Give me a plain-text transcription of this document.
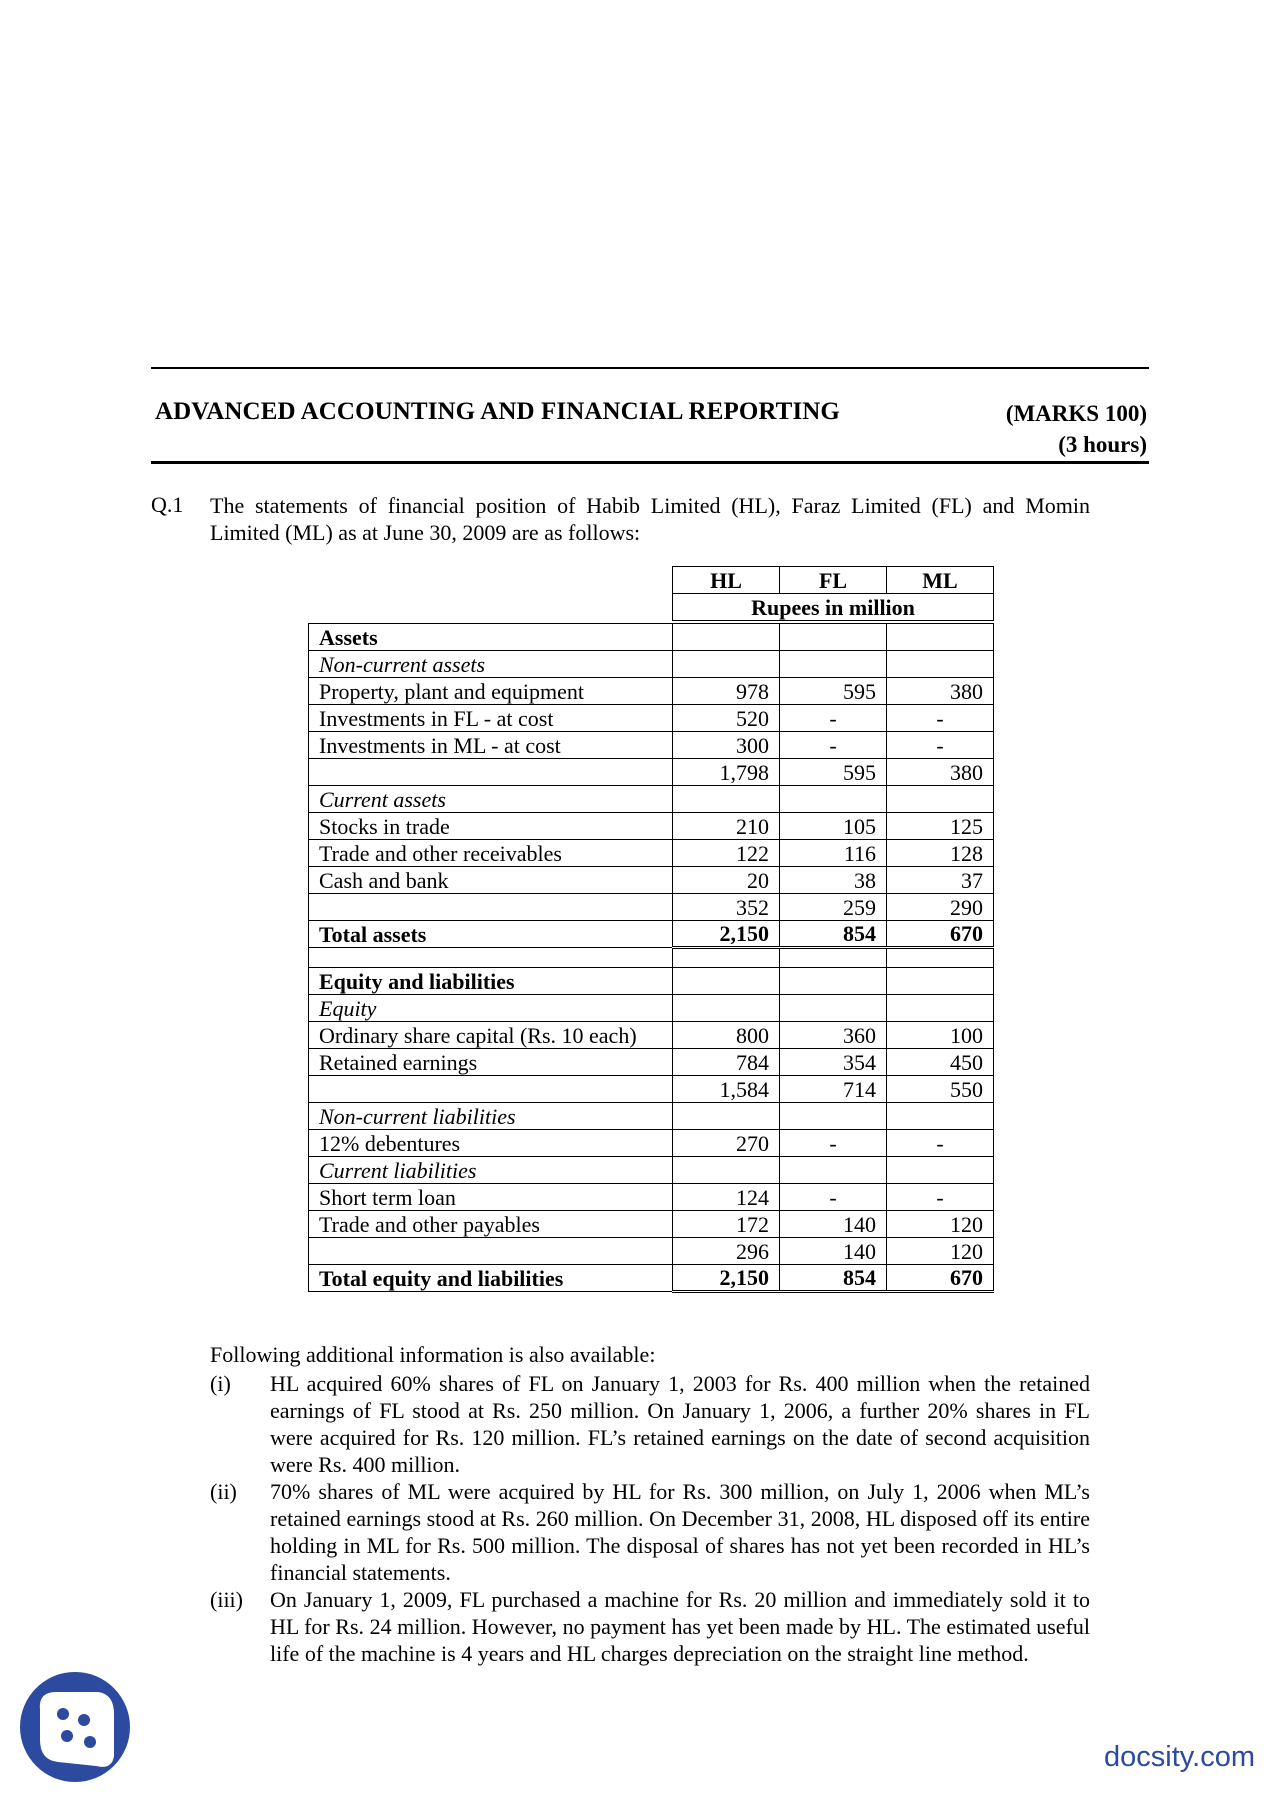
ADVANCED ACCOUNTING AND FINANCIAL REPORTING	(MARKS 100)
(3 hours)
Q.1 The statements of financial position of Habib Limited (HL), Faraz Limited (FL) and Momin Limited (ML) as at June 30, 2009 are as follows:
HL	FL	ML
Rupees in million
Assets			
Non-current assets			
Property, plant and equipment	978	595	380
Investments in FL - at cost	520	-	-
Investments in ML - at cost	300	-	-
	1,798	595	380
Current assets			
Stocks in trade	210	105	125
Trade and other receivables	122	116	128
Cash and bank	20	38	37
	352	259	290
Total assets	2,150	854	670

Equity and liabilities			
Equity			
Ordinary share capital (Rs. 10 each)	800	360	100
Retained earnings	784	354	450
	1,584	714	550
Non-current liabilities			
12% debentures	270	-	-
Current liabilities			
Short term loan	124	-	-
Trade and other payables	172	140	120
	296	140	120
Total equity and liabilities	2,150	854	670
Following additional information is also available:
(i) HL acquired 60% shares of FL on January 1, 2003 for Rs. 400 million when the retained earnings of FL stood at Rs. 250 million. On January 1, 2006, a further 20% shares in FL were acquired for Rs. 120 million. FL’s retained earnings on the date of second acquisition were Rs. 400 million.
(ii) 70% shares of ML were acquired by HL for Rs. 300 million, on July 1, 2006 when ML’s retained earnings stood at Rs. 260 million. On December 31, 2008, HL disposed off its entire holding in ML for Rs. 500 million. The disposal of shares has not yet been recorded in HL’s financial statements.
(iii) On January 1, 2009, FL purchased a machine for Rs. 20 million and immediately sold it to HL for Rs. 24 million. However, no payment has yet been made by HL. The estimated useful life of the machine is 4 years and HL charges depreciation on the straight line method.
docsity.com
